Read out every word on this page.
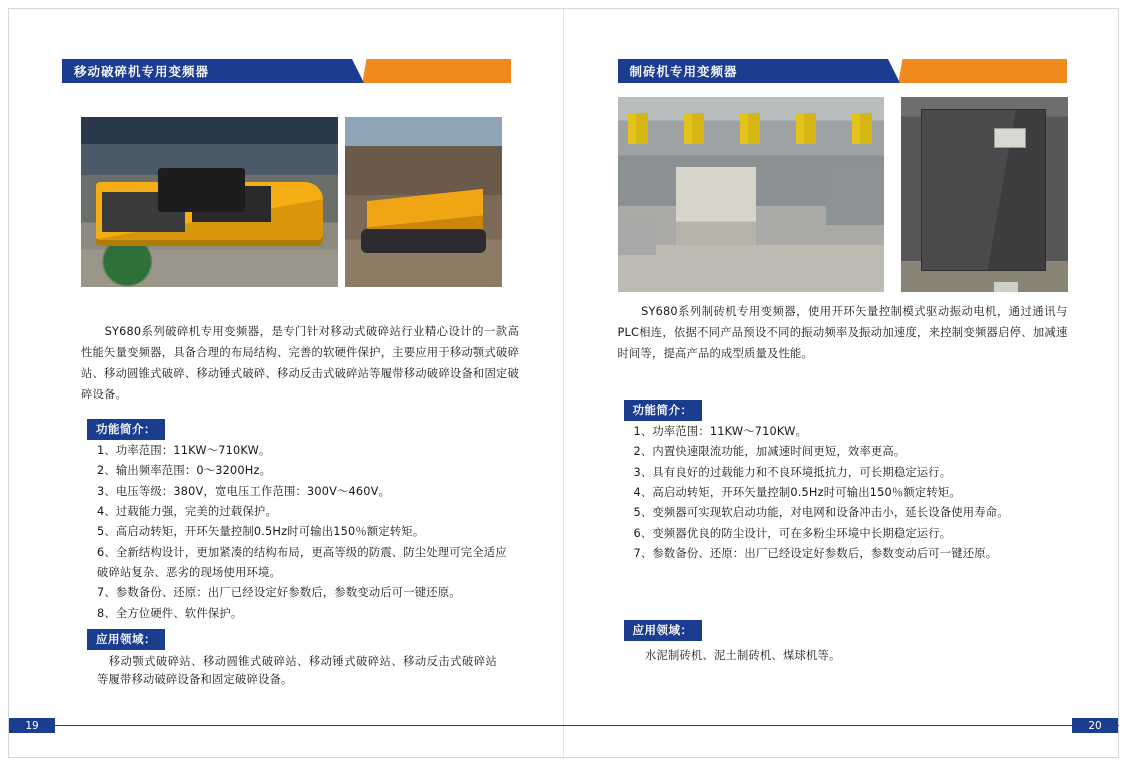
移动破碎机专用变频器
　　SY680系列破碎机专用变频器，是专门针对移动式破碎站行业精心设计的一款高性能矢量变频器，具备合理的布局结构、完善的软硬件保护，主要应用于移动颚式破碎站、移动圆锥式破碎、移动锤式破碎、移动反击式破碎站等履带移动破碎设备和固定破碎设备。
功能简介：
1、功率范围：11KW～710KW。
2、输出频率范围：0～3200Hz。
3、电压等级：380V，宽电压工作范围：300V～460V。
4、过载能力强，完美的过载保护。
5、高启动转矩，开环矢量控制0.5Hz时可输出150％额定转矩。
6、全新结构设计，更加紧凑的结构布局，更高等级的防震、防尘处理可完全适应破碎站复杂、恶劣的现场使用环境。
7、参数备份、还原：出厂已经设定好参数后，参数变动后可一键还原。
8、全方位硬件、软件保护。
应用领域：
　移动颚式破碎站、移动圆锥式破碎站、移动锤式破碎站、移动反击式破碎站等履带移动破碎设备和固定破碎设备。
19
制砖机专用变频器
　　SY680系列制砖机专用变频器，使用开环矢量控制模式驱动振动电机，通过通讯与PLC相连，依据不同产品预设不同的振动频率及振动加速度，来控制变频器启停、加减速时间等，提高产品的成型质量及性能。
功能简介：
1、功率范围：11KW～710KW。
2、内置快速限流功能，加减速时间更短，效率更高。
3、具有良好的过载能力和不良环境抵抗力，可长期稳定运行。
4、高启动转矩，开环矢量控制0.5Hz时可输出150％额定转矩。
5、变频器可实现软启动功能，对电网和设备冲击小，延长设备使用寿命。
6、变频器优良的防尘设计，可在多粉尘环境中长期稳定运行。
7、参数备份、还原：出厂已经设定好参数后，参数变动后可一键还原。
应用领域：
　水泥制砖机、泥土制砖机、煤球机等。
20
